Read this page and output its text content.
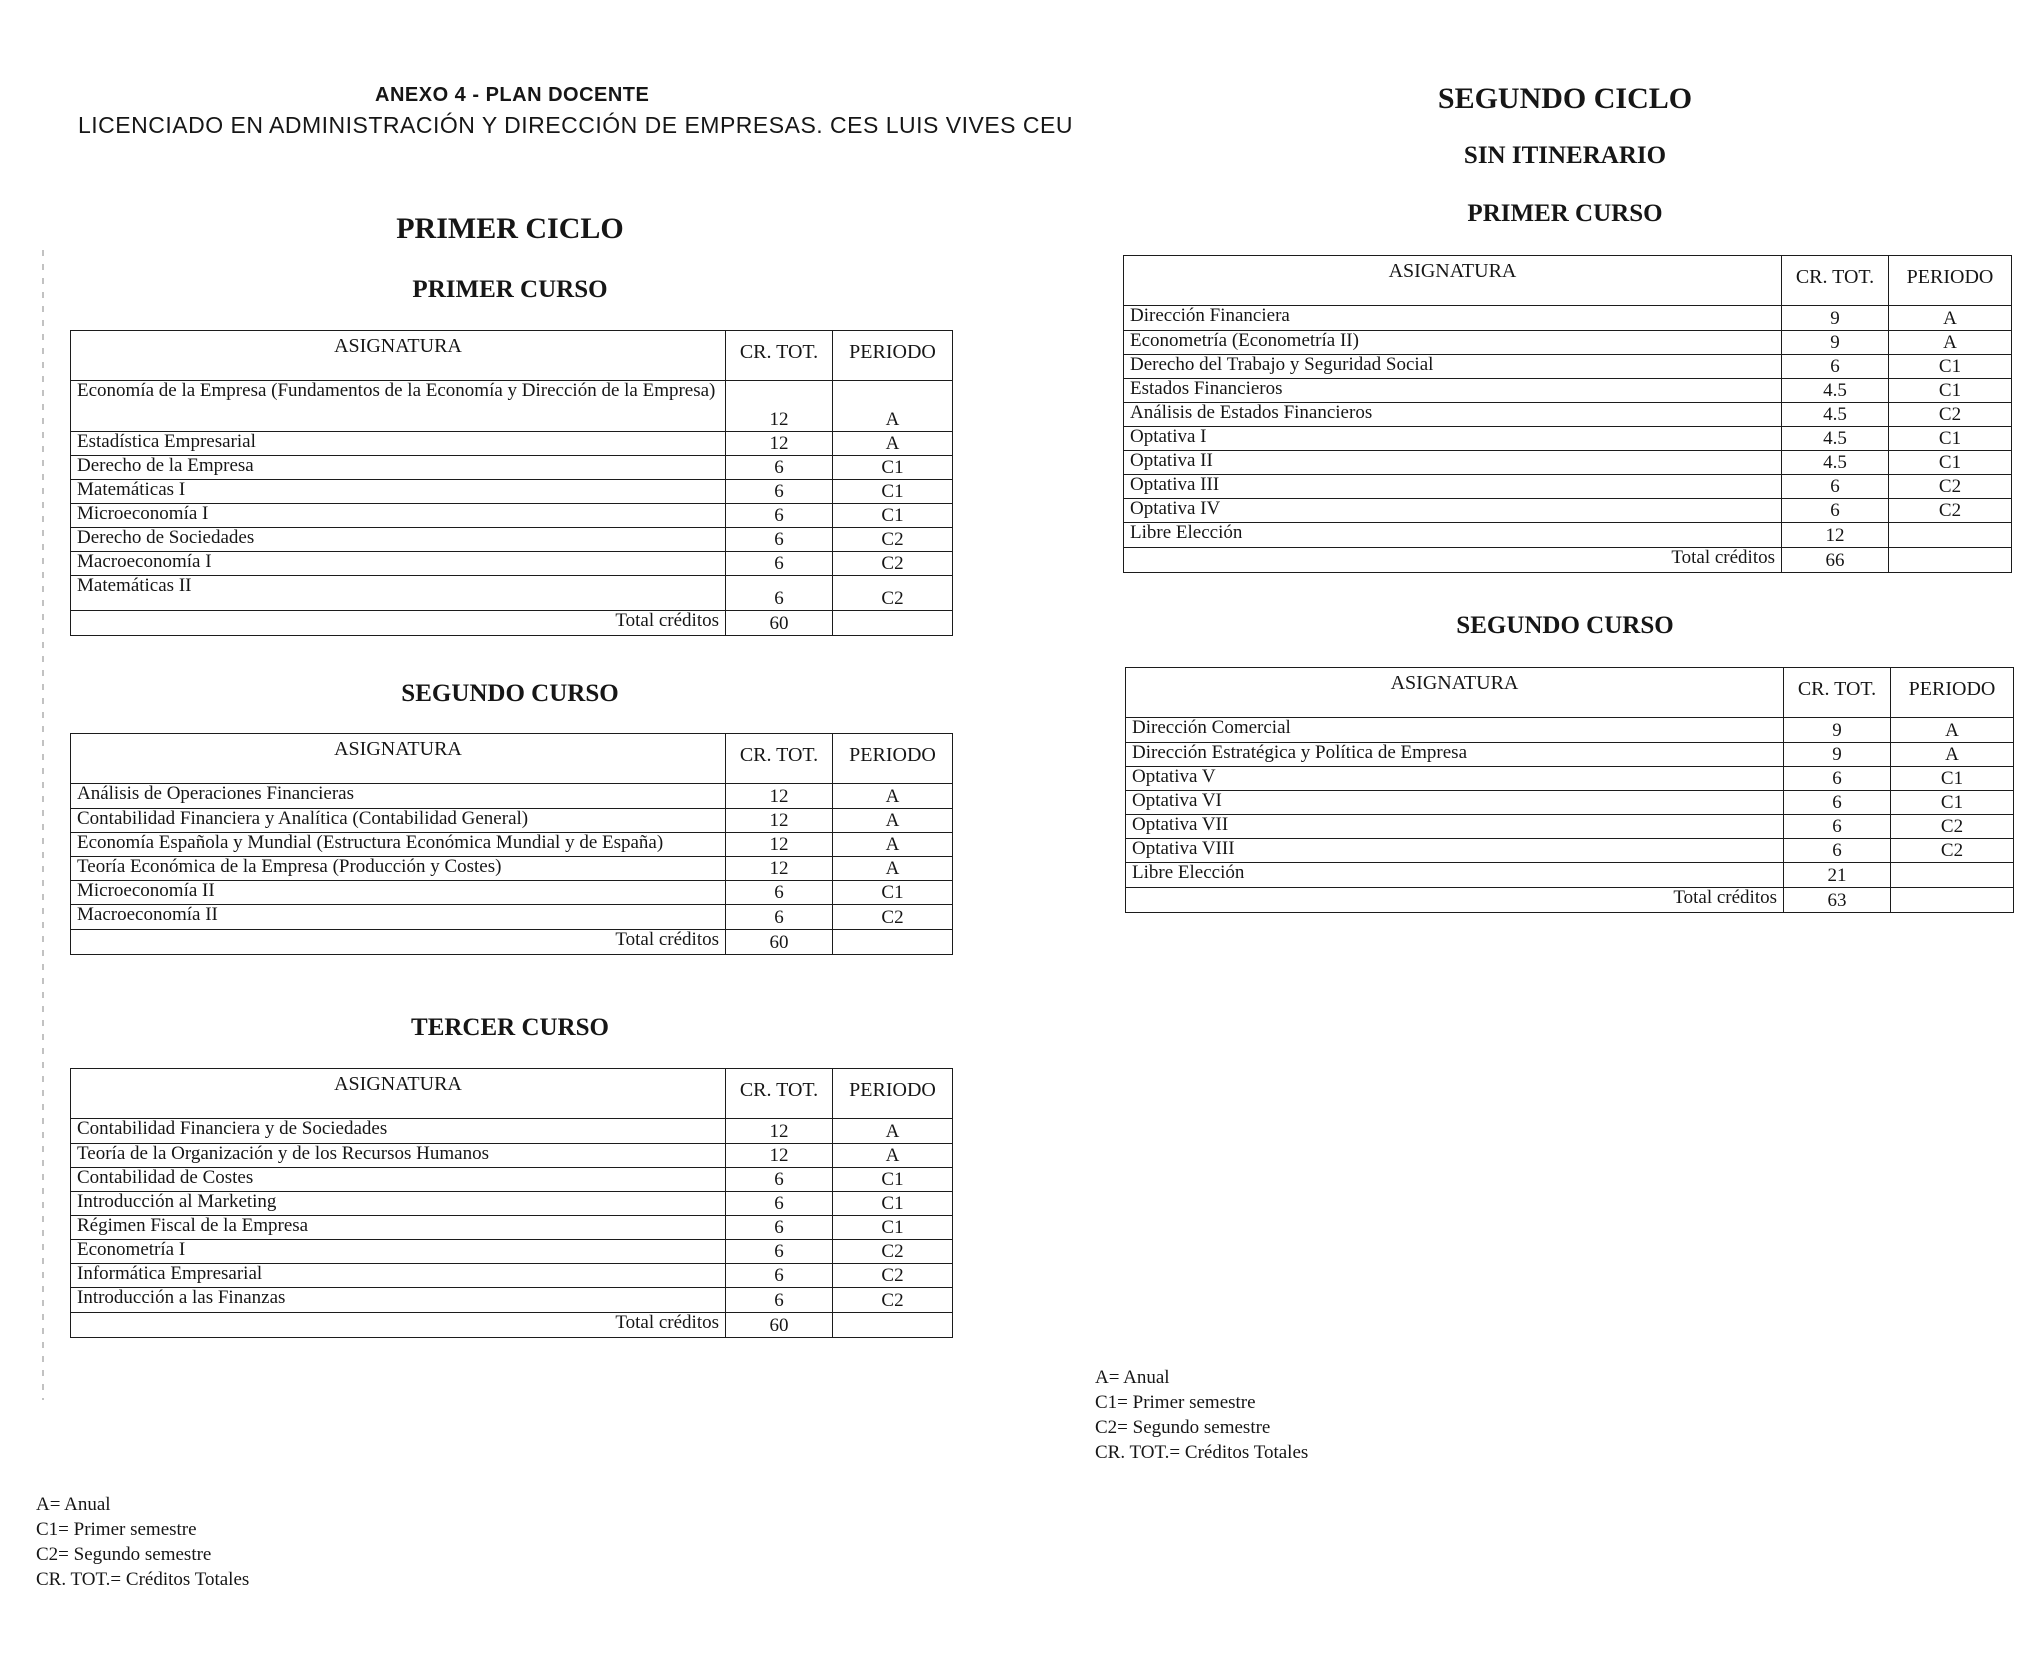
ANEXO 4 - PLAN DOCENTE
LICENCIADO EN ADMINISTRACIÓN Y DIRECCIÓN DE EMPRESAS. CES LUIS VIVES CEU
PRIMER CICLO
PRIMER CURSO
ASIGNATURA	CR. TOT.	PERIODO
Economía de la Empresa (Fundamentos de la Economía y Dirección de la Empresa)	12	A
Estadística Empresarial	12	A
Derecho de la Empresa	6	C1
Matemáticas I	6	C1
Microeconomía I	6	C1
Derecho de Sociedades	6	C2
Macroeconomía I	6	C2
Matemáticas II	6	C2
Total créditos	60	
SEGUNDO CURSO
ASIGNATURA	CR. TOT.	PERIODO
Análisis de Operaciones Financieras	12	A
Contabilidad Financiera y Analítica (Contabilidad General)	12	A
Economía Española y Mundial (Estructura Económica Mundial y de España)	12	A
Teoría Económica de la Empresa (Producción y Costes)	12	A
Microeconomía II	6	C1
Macroeconomía II	6	C2
Total créditos	60	
TERCER CURSO
ASIGNATURA	CR. TOT.	PERIODO
Contabilidad Financiera y de Sociedades	12	A
Teoría de la Organización y de los Recursos Humanos	12	A
Contabilidad de Costes	6	C1
Introducción al Marketing	6	C1
Régimen Fiscal de la Empresa	6	C1
Econometría I	6	C2
Informática Empresarial	6	C2
Introducción a las Finanzas	6	C2
Total créditos	60	
A= Anual
C1= Primer semestre
C2= Segundo semestre
CR. TOT.= Créditos Totales
SEGUNDO CICLO
SIN ITINERARIO
PRIMER CURSO
ASIGNATURA	CR. TOT.	PERIODO
Dirección Financiera	9	A
Econometría (Econometría II)	9	A
Derecho del Trabajo y Seguridad Social	6	C1
Estados Financieros	4.5	C1
Análisis de Estados Financieros	4.5	C2
Optativa I	4.5	C1
Optativa II	4.5	C1
Optativa III	6	C2
Optativa IV	6	C2
Libre Elección	12	
Total créditos	66	
SEGUNDO CURSO
ASIGNATURA	CR. TOT.	PERIODO
Dirección Comercial	9	A
Dirección Estratégica y Política de Empresa	9	A
Optativa V	6	C1
Optativa VI	6	C1
Optativa VII	6	C2
Optativa VIII	6	C2
Libre Elección	21	
Total créditos	63	
A= Anual
C1= Primer semestre
C2= Segundo semestre
CR. TOT.= Créditos Totales
